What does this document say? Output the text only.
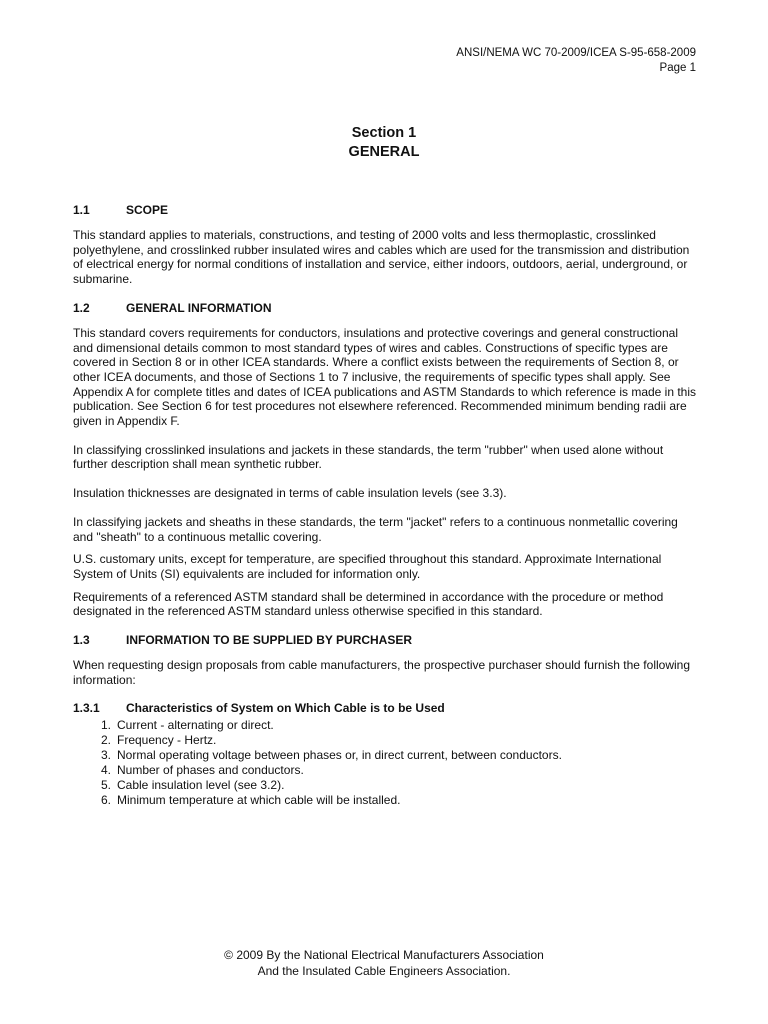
ANSI/NEMA WC 70-2009/ICEA S-95-658-2009
Page 1
Section 1
GENERAL
1.1	SCOPE

This standard applies to materials, constructions, and testing of 2000 volts and less thermoplastic, crosslinked polyethylene, and crosslinked rubber insulated wires and cables which are used for the transmission and distribution of electrical energy for normal conditions of installation and service, either indoors, outdoors, aerial, underground, or submarine.

1.2	GENERAL INFORMATION

This standard covers requirements for conductors, insulations and protective coverings and general constructional and dimensional details common to most standard types of wires and cables. Constructions of specific types are covered in Section 8 or in other ICEA standards. Where a conflict exists between the requirements of Section 8, or other ICEA documents, and those of Sections 1 to 7 inclusive, the requirements of specific types shall apply. See Appendix A for complete titles and dates of ICEA publications and ASTM Standards to which reference is made in this publication. See Section 6 for test procedures not elsewhere referenced. Recommended minimum bending radii are given in Appendix F.

In classifying crosslinked insulations and jackets in these standards, the term "rubber" when used alone without further description shall mean synthetic rubber.

Insulation thicknesses are designated in terms of cable insulation levels (see 3.3).

In classifying jackets and sheaths in these standards, the term "jacket" refers to a continuous nonmetallic covering and "sheath" to a continuous metallic covering.

U.S. customary units, except for temperature, are specified throughout this standard. Approximate International System of Units (SI) equivalents are included for information only.

Requirements of a referenced ASTM standard shall be determined in accordance with the procedure or method designated in the referenced ASTM standard unless otherwise specified in this standard.

1.3	INFORMATION TO BE SUPPLIED BY PURCHASER

When requesting design proposals from cable manufacturers, the prospective purchaser should furnish the following information:

1.3.1	Characteristics of System on Which Cable is to be Used
1. Current - alternating or direct.
2. Frequency - Hertz.
3. Normal operating voltage between phases or, in direct current, between conductors.
4. Number of phases and conductors.
5. Cable insulation level (see 3.2).
6. Minimum temperature at which cable will be installed.
© 2009 By the National Electrical Manufacturers Association
And the Insulated Cable Engineers Association.
